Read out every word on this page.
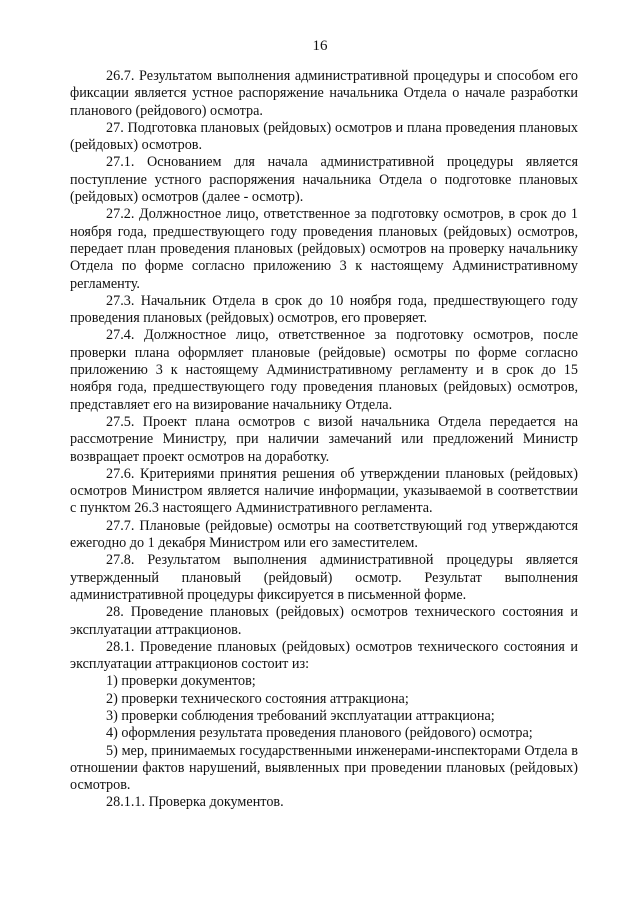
16

26.7. Результатом выполнения административной процедуры и способом его фиксации является устное распоряжение начальника Отдела о начале разработки планового (рейдового) осмотра.

27. Подготовка плановых (рейдовых) осмотров и плана проведения плановых (рейдовых) осмотров.

27.1. Основанием для начала административной процедуры является поступление устного распоряжения начальника Отдела о подготовке плановых (рейдовых) осмотров (далее - осмотр).

27.2. Должностное лицо, ответственное за подготовку осмотров, в срок до 1 ноября года, предшествующего году проведения плановых (рейдовых) осмотров, передает план проведения плановых (рейдовых) осмотров на проверку начальнику Отдела по форме согласно приложению 3 к настоящему Административному регламенту.

27.3. Начальник Отдела в срок до 10 ноября года, предшествующего году проведения плановых (рейдовых) осмотров, его проверяет.

27.4. Должностное лицо, ответственное за подготовку осмотров, после проверки плана оформляет плановые (рейдовые) осмотры по форме согласно приложению 3 к настоящему Административному регламенту и в срок до 15 ноября года, предшествующего году проведения плановых (рейдовых) осмотров, представляет его на визирование начальнику Отдела.

27.5. Проект плана осмотров с визой начальника Отдела передается на рассмотрение Министру, при наличии замечаний или предложений Министр возвращает проект осмотров на доработку.

27.6. Критериями принятия решения об утверждении плановых (рейдовых) осмотров Министром является наличие информации, указываемой в соответствии с пунктом 26.3 настоящего Административного регламента.

27.7. Плановые (рейдовые) осмотры на соответствующий год утверждаются ежегодно до 1 декабря Министром или его заместителем.

27.8. Результатом выполнения административной процедуры является утвержденный плановый (рейдовый) осмотр. Результат выполнения административной процедуры фиксируется в письменной форме.

28. Проведение плановых (рейдовых) осмотров технического состояния и эксплуатации аттракционов.

28.1. Проведение плановых (рейдовых) осмотров технического состояния и эксплуатации аттракционов состоит из:

1) проверки документов;

2) проверки технического состояния аттракциона;

3) проверки соблюдения требований эксплуатации аттракциона;

4) оформления результата проведения планового (рейдового) осмотра;

5) мер, принимаемых государственными инженерами-инспекторами Отдела в отношении фактов нарушений, выявленных при проведении плановых (рейдовых) осмотров.

28.1.1. Проверка документов.
